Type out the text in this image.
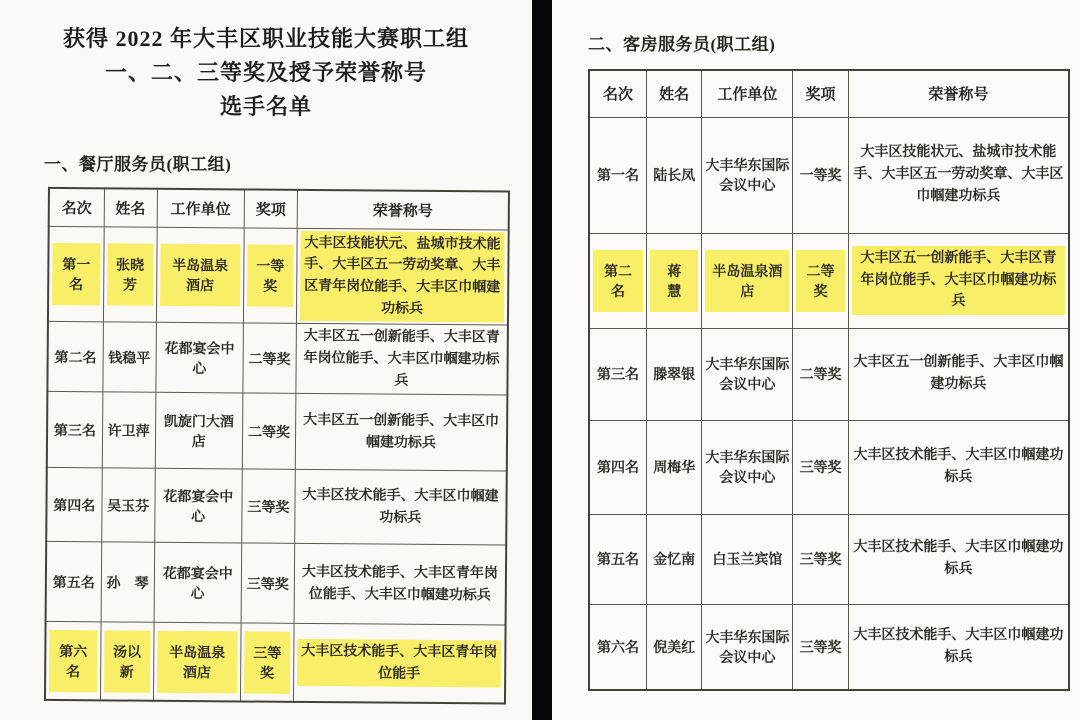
获得 2022 年大丰区职业技能大赛职工组
一、二、三等奖及授予荣誉称号
选手名单
一、餐厅服务员(职工组)
名次	姓名	工作单位	奖项	荣誉称号
第一名	张晓芳	半岛温泉酒店	一等奖	大丰区技能状元、盐城市技术能手、大丰区五一劳动奖章、大丰区青年岗位能手、大丰区巾帼建功标兵

第二名	钱稳平	花都宴会中心	二等奖	大丰区五一创新能手、大丰区青年岗位能手、大丰区巾帼建功标兵
第三名	许卫萍	凯旋门大酒店	二等奖	大丰区五一创新能手、大丰区巾帼建功标兵
第四名	吴玉芬	花都宴会中心	三等奖	大丰区技术能手、大丰区巾帼建功标兵
第五名	孙　琴	花都宴会中心	三等奖	大丰区技术能手、大丰区青年岗位能手、大丰区巾帼建功标兵
第六名	汤以新	半岛温泉酒店	三等奖	大丰区技术能手、大丰区青年岗位能手
二、客房服务员(职工组)
名次	姓名	工作单位	奖项	荣誉称号
第一名	陆长凤	大丰华东国际会议中心	一等奖	大丰区技能状元、盐城市技术能手、大丰区五一劳动奖章、大丰区巾帼建功标兵
第二名	蒋　慧	半岛温泉酒店	二等奖	大丰区五一创新能手、大丰区青年岗位能手、大丰区巾帼建功标兵

第三名	滕翠银	大丰华东国际会议中心	二等奖	大丰区五一创新能手、大丰区巾帼建功标兵
第四名	周梅华	大丰华东国际会议中心	三等奖	大丰区技术能手、大丰区巾帼建功标兵
第五名	金忆南	白玉兰宾馆	三等奖	大丰区技术能手、大丰区巾帼建功标兵
第六名	倪美红	大丰华东国际会议中心	三等奖	大丰区技术能手、大丰区巾帼建功标兵
